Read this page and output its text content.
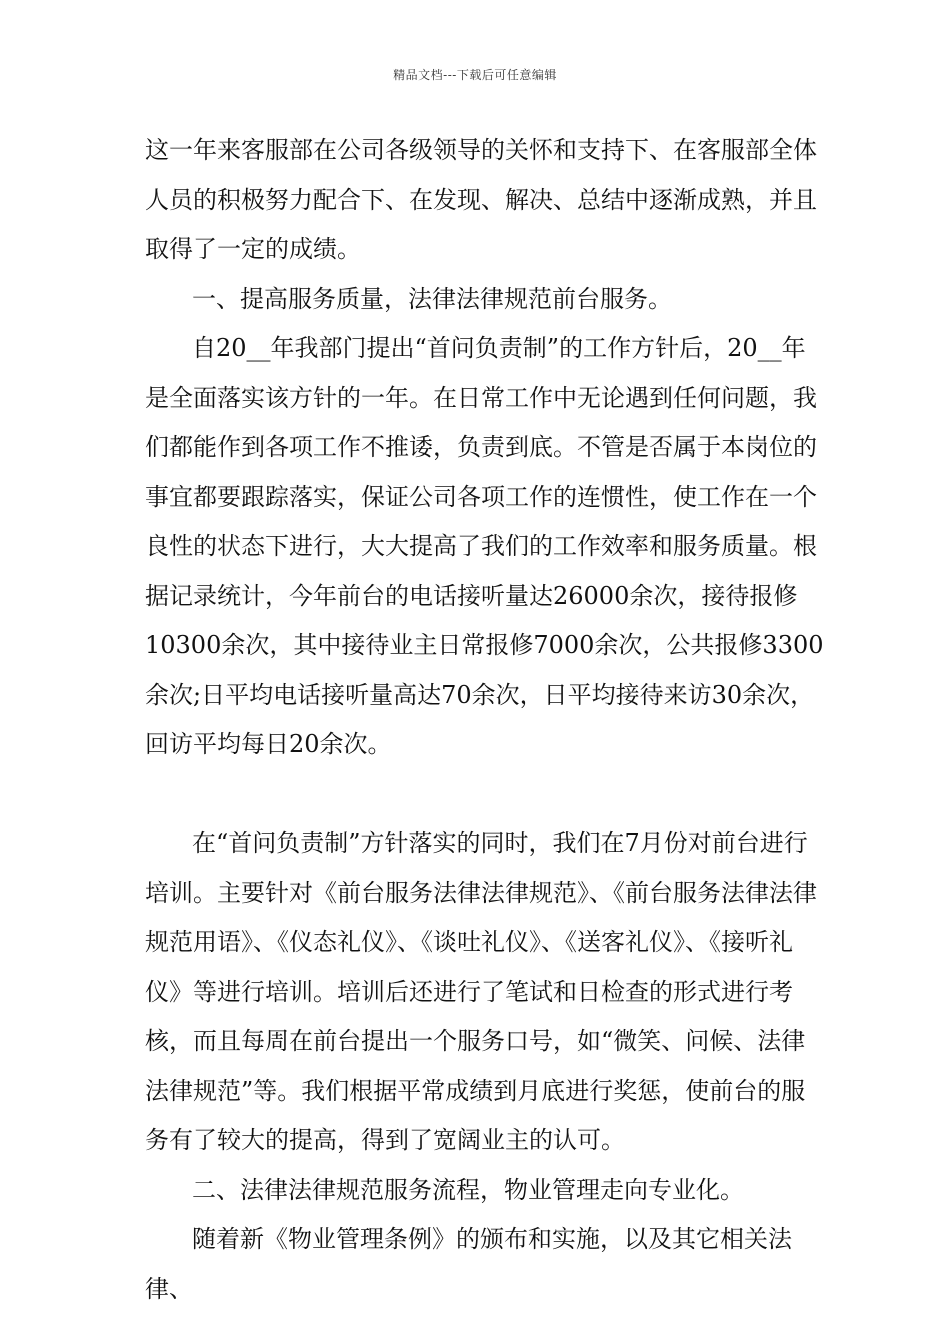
精品文档---下载后可任意编辑

这一年来客服部在公司各级领导的关怀和支持下、在客服部全体人员的积极努力配合下、在发现、解决、总结中逐渐成熟，并且取得了一定的成绩。

一、提高服务质量，法律法律规范前台服务。

自20__年我部门提出“首问负责制”的工作方针后，20__年是全面落实该方针的一年。在日常工作中无论遇到任何问题，我们都能作到各项工作不推诿，负责到底。不管是否属于本岗位的事宜都要跟踪落实，保证公司各项工作的连惯性，使工作在一个良性的状态下进行，大大提高了我们的工作效率和服务质量。根据记录统计，今年前台的电话接听量达26000余次，接待报修10300余次，其中接待业主日常报修7000余次，公共报修3300余次;日平均电话接听量高达70余次，日平均接待来访30余次，回访平均每日20余次。

在“首问负责制”方针落实的同时，我们在7月份对前台进行培训。主要针对《前台服务法律法律规范》、《前台服务法律法律规范用语》、《仪态礼仪》、《谈吐礼仪》、《送客礼仪》、《接听礼仪》等进行培训。培训后还进行了笔试和日检查的形式进行考核，而且每周在前台提出一个服务口号，如“微笑、问候、法律法律规范”等。我们根据平常成绩到月底进行奖惩，使前台的服务有了较大的提高，得到了宽阔业主的认可。

二、法律法律规范服务流程，物业管理走向专业化。

随着新《物业管理条例》的颁布和实施，以及其它相关法律、
